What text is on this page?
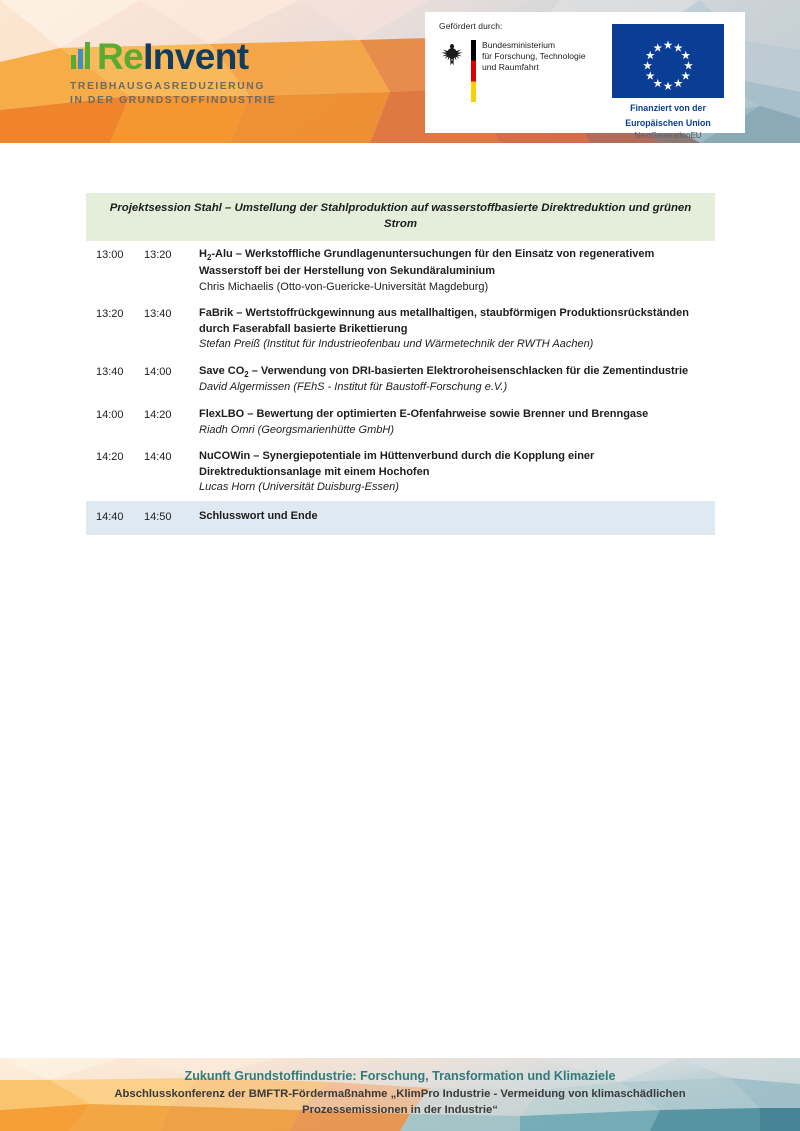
ReInvent
TREIBHAUSGASREDUZIERUNG
IN DER GRUNDSTOFFINDUSTRIE
Gefördert durch:
Bundesministerium
für Forschung, Technologie
und Raumfahrt
Finanziert von der
Europäischen Union
NextGenerationEU
Projektsession Stahl – Umstellung der Stahlproduktion auf wasserstoffbasierte Direktreduktion und grünen Strom
13:00	13:20	$H_2$-Alu – Werkstoffliche Grundlagenuntersuchungen für den Einsatz von regenerativem Wasserstoff bei der Herstellung von Sekundäraluminium
Chris Michaelis (Otto-von-Guericke-Universität Magdeburg)
13:20	13:40	FaBrik – Wertstoffrückgewinnung aus metallhaltigen, staubförmigen Produktionsrückständen durch Faserabfall basierte Brikettierung
Stefan Preiß (Institut für Industrieofenbau und Wärmetechnik der RWTH Aachen)
13:40	14:00	Save $CO_2$ – Verwendung von DRI-basierten Elektroroheisenschlacken für die Zementindustrie
David Algermissen (FEhS - Institut für Baustoff-Forschung e.V.)
14:00	14:20	FlexLBO – Bewertung der optimierten E-Ofenfahrweise sowie Brenner und Brenngase
Riadh Omri (Georgsmarienhütte GmbH)
14:20	14:40	NuCOWin – Synergiepotentiale im Hüttenverbund durch die Kopplung einer Direktreduktionsanlage mit einem Hochofen
Lucas Horn (Universität Duisburg-Essen)
14:40	14:50	Schlusswort und Ende
Zukunft Grundstoffindustrie: Forschung, Transformation und Klimaziele
Abschlusskonferenz der BMFTR-Fördermaßnahme „KlimPro Industrie - Vermeidung von klimaschädlichen
Prozessemissionen in der Industrie“
